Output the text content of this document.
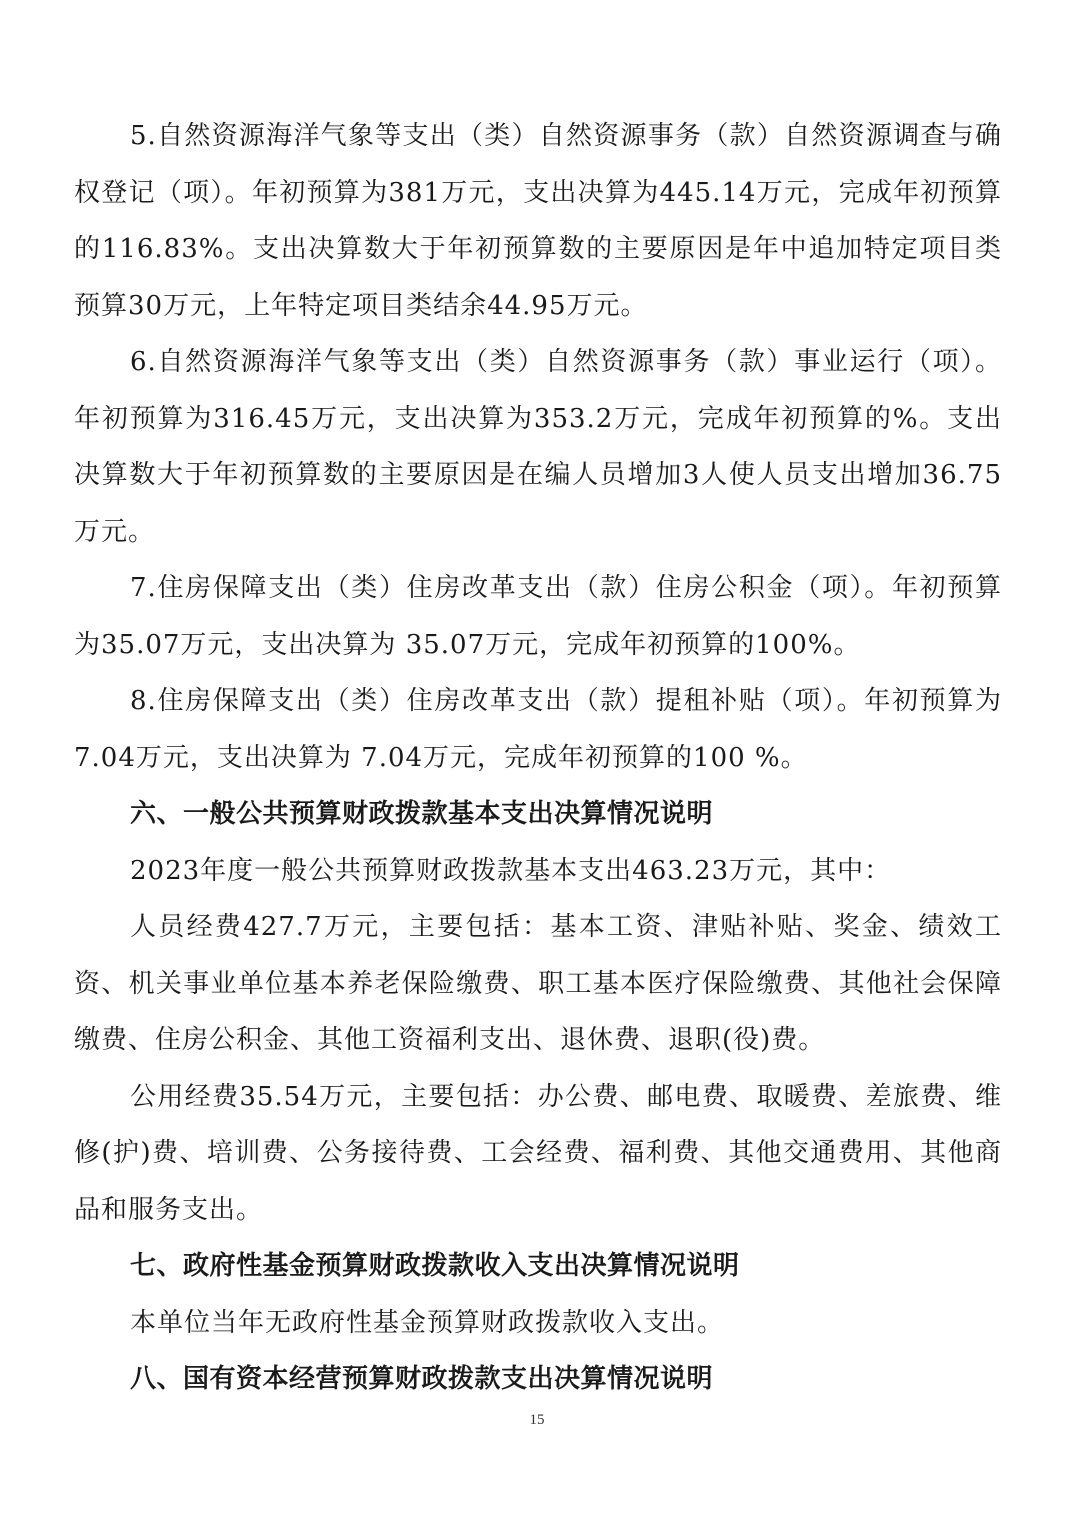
5.自然资源海洋气象等支出（类）自然资源事务（款）自然资源调查与确权登记（项）。年初预算为381万元，支出决算为445.14万元，完成年初预算的116.83%。支出决算数大于年初预算数的主要原因是年中追加特定项目类预算30万元，上年特定项目类结余44.95万元。

6.自然资源海洋气象等支出（类）自然资源事务（款）事业运行（项）。年初预算为316.45万元，支出决算为353.2万元，完成年初预算的%。支出决算数大于年初预算数的主要原因是在编人员增加3人使人员支出增加36.75万元。

7.住房保障支出（类）住房改革支出（款）住房公积金（项）。年初预算为35.07万元，支出决算为 35.07万元，完成年初预算的100%。

8.住房保障支出（类）住房改革支出（款）提租补贴（项）。年初预算为7.04万元，支出决算为 7.04万元，完成年初预算的100 %。

六、一般公共预算财政拨款基本支出决算情况说明

2023年度一般公共预算财政拨款基本支出463.23万元，其中：

人员经费427.7万元，主要包括：基本工资、津贴补贴、奖金、绩效工资、机关事业单位基本养老保险缴费、职工基本医疗保险缴费、其他社会保障缴费、住房公积金、其他工资福利支出、退休费、退职(役)费。

公用经费35.54万元，主要包括：办公费、邮电费、取暖费、差旅费、维修(护)费、培训费、公务接待费、工会经费、福利费、其他交通费用、其他商品和服务支出。

七、政府性基金预算财政拨款收入支出决算情况说明

本单位当年无政府性基金预算财政拨款收入支出。

八、国有资本经营预算财政拨款支出决算情况说明
15
